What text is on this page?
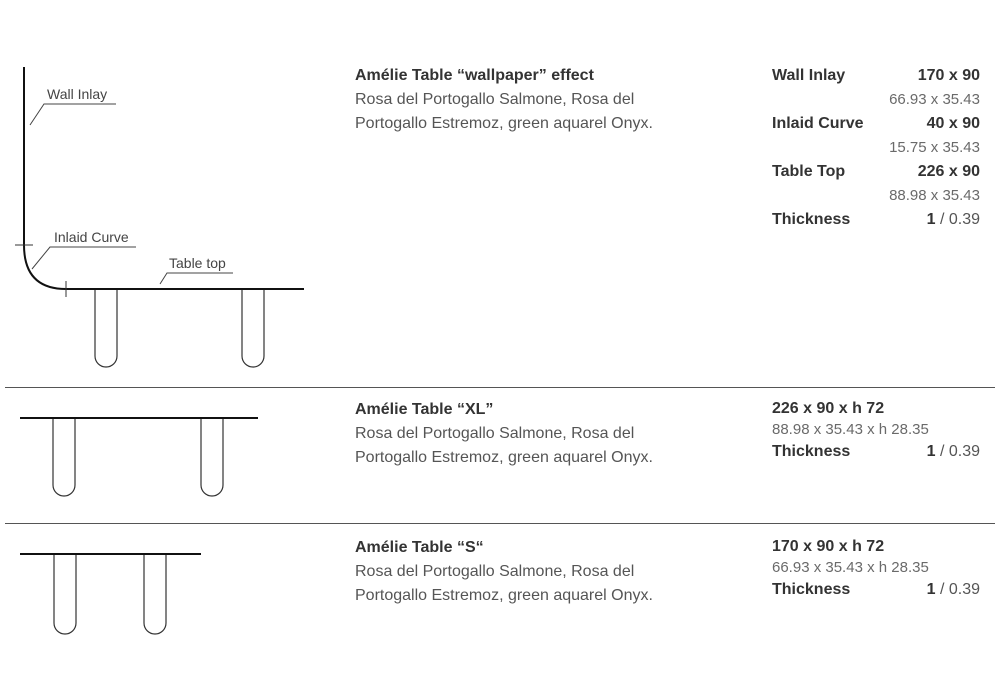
Wall Inlay
Inlaid Curve
Table top
Amélie Table “wallpaper” effect
Rosa del Portogallo Salmone, Rosa del
Portogallo Estremoz, green aquarel Onyx.
Wall Inlay	170 x 90
66.93 x 35.43
Inlaid Curve	40 x 90
15.75 x 35.43
Table Top	226 x 90
88.98 x 35.43
Thickness	1 / 0.39
Amélie Table “XL”
Rosa del Portogallo Salmone, Rosa del
Portogallo Estremoz, green aquarel Onyx.
226 x 90 x h 72
88.98 x 35.43 x h 28.35
Thickness	1 / 0.39
Amélie Table “S“
Rosa del Portogallo Salmone, Rosa del
Portogallo Estremoz, green aquarel Onyx.
170 x 90 x h 72
66.93 x 35.43 x h 28.35
Thickness	1 / 0.39
